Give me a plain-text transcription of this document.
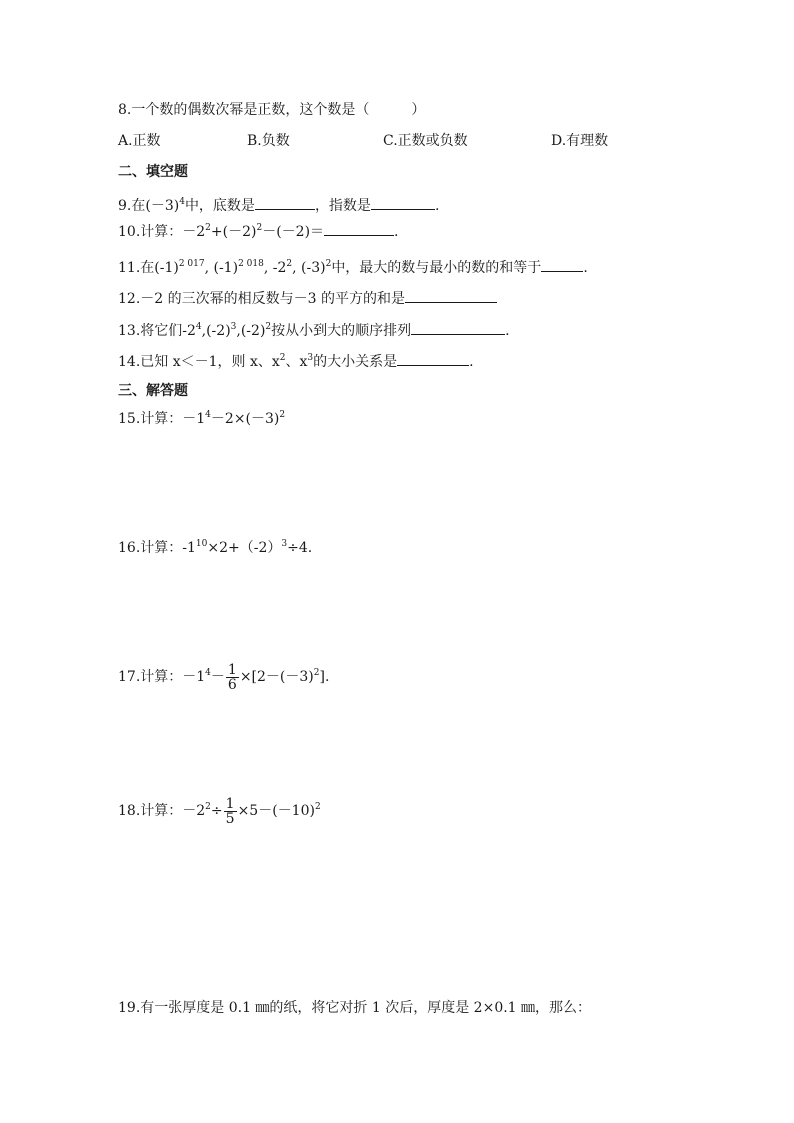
8.一个数的偶数次幂是正数，这个数是（　　　）
A.正数	B.负数	C.正数或负数	D.有理数
二、填空题
9.在$(-3)^4$中，底数是	，指数是	.
10.计算：$-2^2+(-2)^2-(-2)=$	.
11.在$(-1)^{2 017}$, $(-1)^{2 018}$, $-2^2$, $(-3)^2$中，最大的数与最小的数的和等于	.
12.－2 的三次幂的相反数与－3 的平方的和是
13.将它们$-2^4,(-2)^3,(-2)^2$按从小到大的顺序排列	.
14.已知 x＜－1，则 x、$x^2$、$x^3$的大小关系是	.
三、解答题
15.计算：$-1^4-2\times(-3)^2$
16.计算：$-1^{10}\times 2+(-2)^3\div 4$.
17.计算：$-1^4- \frac{1}{6} \times[2-(-3)^2]$.
18.计算：$-2^2\div \frac{1}{5} \times 5-(-10)^2$
19.有一张厚度是 0.1 ㎜的纸，将它对折 1 次后，厚度是 2×0.1 ㎜，那么：
